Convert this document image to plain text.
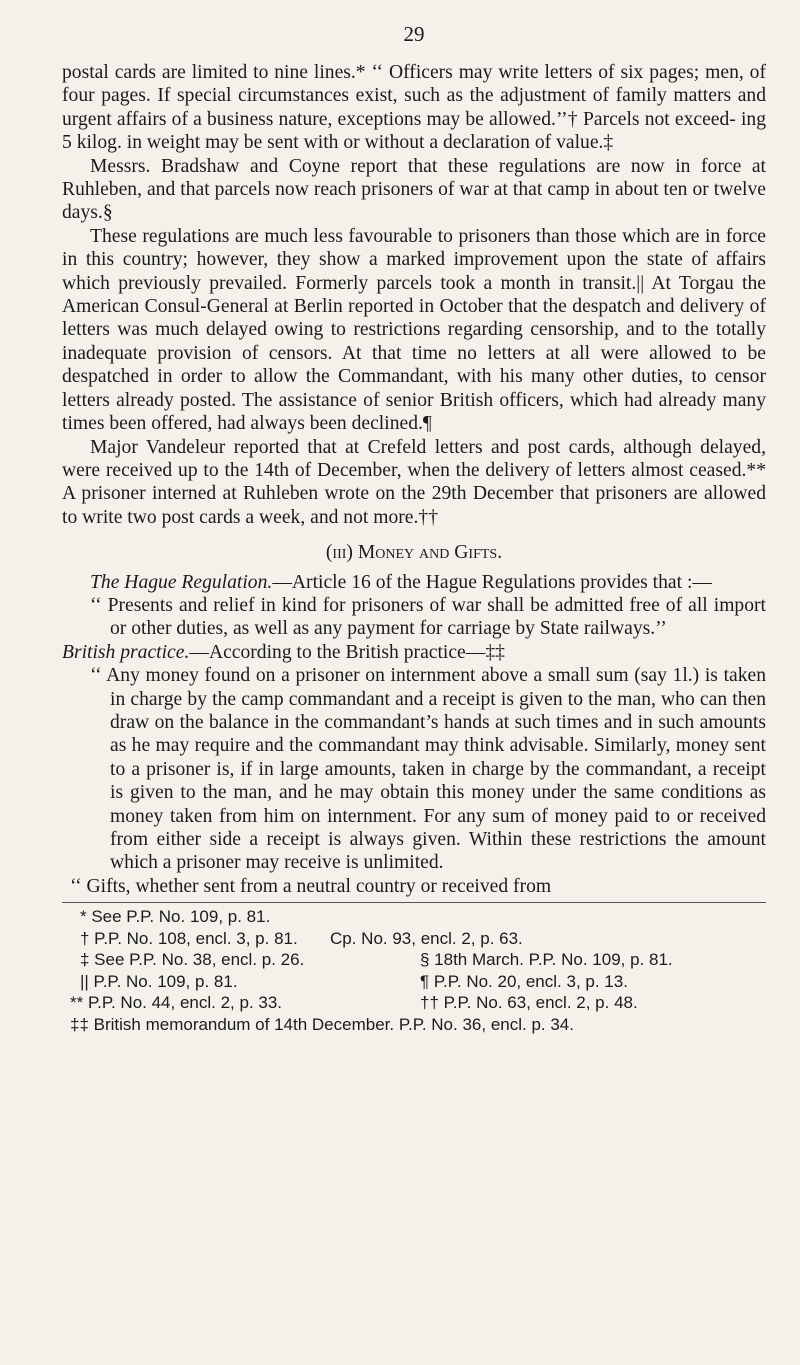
29

postal cards are limited to nine lines.* ‘‘ Officers may write letters of six pages; men, of four pages. If special circumstances exist, such as the adjustment of family matters and urgent affairs of a business nature, exceptions may be allowed.’’† Parcels not exceed- ing 5 kilog. in weight may be sent with or without a declaration of value.‡

Messrs. Bradshaw and Coyne report that these regulations are now in force at Ruhleben, and that parcels now reach prisoners of war at that camp in about ten or twelve days.§

These regulations are much less favourable to prisoners than those which are in force in this country; however, they show a marked improvement upon the state of affairs which previously prevailed. Formerly parcels took a month in transit.|| At Torgau the American Consul-General at Berlin reported in October that the despatch and delivery of letters was much delayed owing to restrictions regarding censorship, and to the totally inadequate provision of censors. At that time no letters at all were allowed to be despatched in order to allow the Commandant, with his many other duties, to censor letters already posted. The assistance of senior British officers, which had already many times been offered, had always been declined.¶

Major Vandeleur reported that at Crefeld letters and post cards, although delayed, were received up to the 14th of December, when the delivery of letters almost ceased.** A prisoner interned at Ruhleben wrote on the 29th December that prisoners are allowed to write two post cards a week, and not more.††

(iii) Money and Gifts.

The Hague Regulation.—Article 16 of the Hague Regulations provides that :—

‘‘ Presents and relief in kind for prisoners of war shall be admitted free of all import or other duties, as well as any payment for carriage by State railways.’’

British practice.—According to the British practice—‡‡

‘‘ Any money found on a prisoner on internment above a small sum (say 1l.) is taken in charge by the camp commandant and a receipt is given to the man, who can then draw on the balance in the commandant’s hands at such times and in such amounts as he may require and the commandant may think advisable. Similarly, money sent to a prisoner is, if in large amounts, taken in charge by the commandant, a receipt is given to the man, and he may obtain this money under the same conditions as money taken from him on internment. For any sum of money paid to or received from either side a receipt is always given. Within these restrictions the amount which a prisoner may receive is unlimited.

‘‘ Gifts, whether sent from a neutral country or received from

* See P.P. No. 109, p. 81.
† P.P. No. 108, encl. 3, p. 81.	Cp. No. 93, encl. 2, p. 63.
‡ See P.P. No. 38, encl. p. 26.	§ 18th March. P.P. No. 109, p. 81.
|| P.P. No. 109, p. 81.	¶ P.P. No. 20, encl. 3, p. 13.
** P.P. No. 44, encl. 2, p. 33.	†† P.P. No. 63, encl. 2, p. 48.
‡‡ British memorandum of 14th December. P.P. No. 36, encl. p. 34.
